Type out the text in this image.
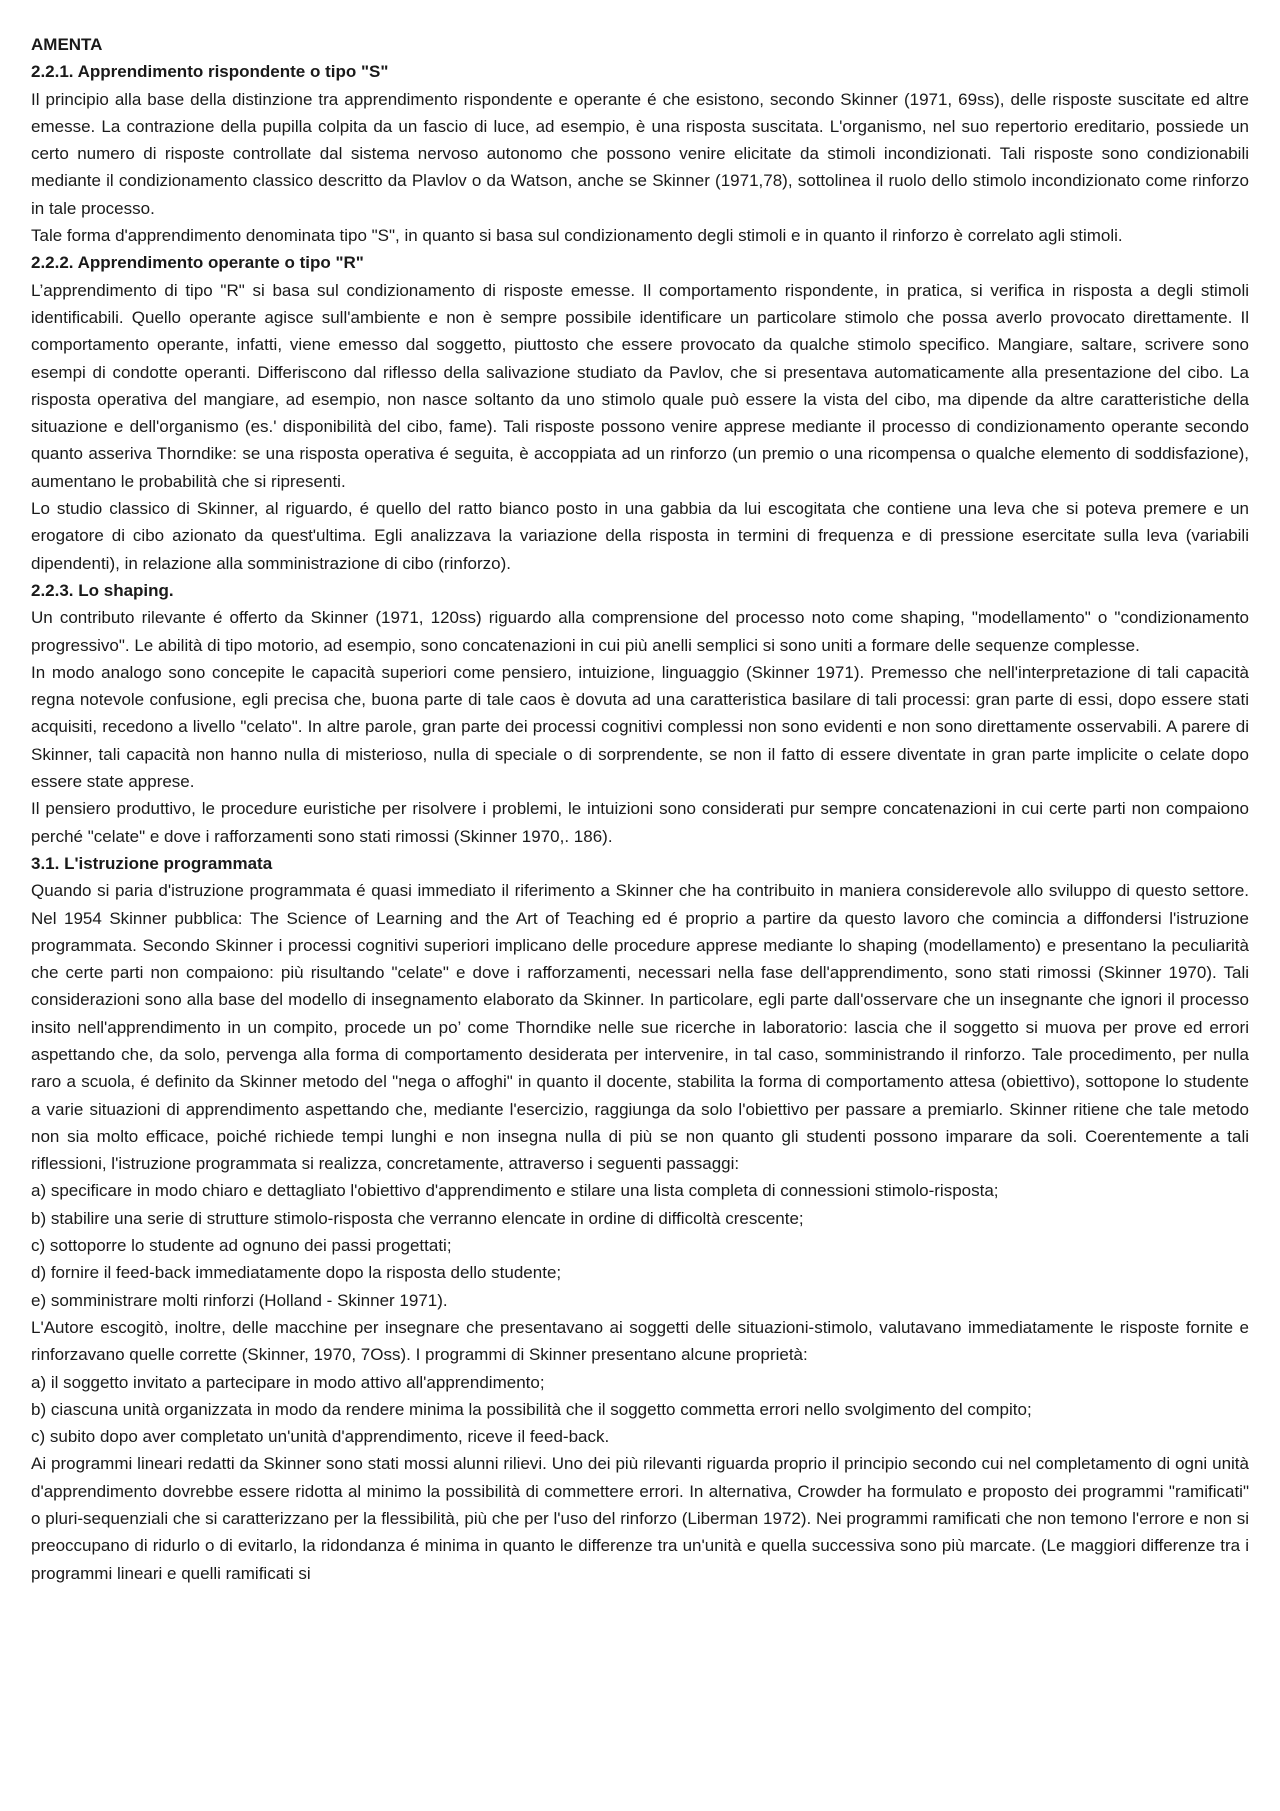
AMENTA

2.2.1. Apprendimento rispondente o tipo "S"

Il principio alla base della distinzione tra apprendimento rispondente e operante é che esistono, secondo Skinner (1971, 69ss), delle risposte suscitate ed altre emesse. La contrazione della pupilla colpita da un fascio di luce, ad esempio, è una risposta suscitata. L'organismo, nel suo repertorio ereditario, possiede un certo numero di risposte controllate dal sistema nervoso autonomo che possono venire elicitate da stimoli incondizionati. Tali risposte sono condizionabili mediante il condizionamento classico descritto da Plavlov o da Watson, anche se Skinner (1971,78), sottolinea il ruolo dello stimolo incondizionato come rinforzo in tale processo.

Tale forma d'apprendimento denominata tipo "S", in quanto si basa sul condizionamento degli stimoli e in quanto il rinforzo è correlato agli stimoli.

2.2.2. Apprendimento operante o tipo "R"

L’apprendimento di tipo "R" si basa sul condizionamento di risposte emesse. Il comportamento rispondente, in pratica, si verifica in risposta a degli stimoli identificabili. Quello operante agisce sull'ambiente e non è sempre possibile identificare un particolare stimolo che possa averlo provocato direttamente. Il comportamento operante, infatti, viene emesso dal soggetto, piuttosto che essere provocato da qualche stimolo specifico. Mangiare, saltare, scrivere sono esempi di condotte operanti. Differiscono dal riflesso della salivazione studiato da Pavlov, che si presentava automaticamente alla presentazione del cibo. La risposta operativa del mangiare, ad esempio, non nasce soltanto da uno stimolo quale può essere la vista del cibo, ma dipende da altre caratteristiche della situazione e dell'organismo (es.' disponibilità del cibo, fame). Tali risposte possono venire apprese mediante il processo di condizionamento operante secondo quanto asseriva Thorndike: se una risposta operativa é seguita, è accoppiata ad un rinforzo (un premio o una ricompensa o qualche elemento di soddisfazione), aumentano le probabilità che si ripresenti.

Lo studio classico di Skinner, al riguardo, é quello del ratto bianco posto in una gabbia da lui escogitata che contiene una leva che si poteva premere e un erogatore di cibo azionato da quest'ultima. Egli analizzava la variazione della risposta in termini di frequenza e di pressione esercitate sulla leva (variabili dipendenti), in relazione alla somministrazione di cibo (rinforzo).

2.2.3. Lo shaping.

Un contributo rilevante é offerto da Skinner (1971, 120ss) riguardo alla comprensione del processo noto come shaping, "modellamento" o "condizionamento progressivo". Le abilità di tipo motorio, ad esempio, sono concatenazioni in cui più anelli semplici si sono uniti a formare delle sequenze complesse.

In modo analogo sono concepite le capacità superiori come pensiero, intuizione, linguaggio (Skinner 1971). Premesso che nell'interpretazione di tali capacità regna notevole confusione, egli precisa che, buona parte di tale caos è dovuta ad una caratteristica basilare di tali processi: gran parte di essi, dopo essere stati acquisiti, recedono a livello "celato". In altre parole, gran parte dei processi cognitivi complessi non sono evidenti e non sono direttamente osservabili. A parere di Skinner, tali capacità non hanno nulla di misterioso, nulla di speciale o di sorprendente, se non il fatto di essere diventate in gran parte implicite o celate dopo essere state apprese.

Il pensiero produttivo, le procedure euristiche per risolvere i problemi, le intuizioni sono considerati pur sempre concatenazioni in cui certe parti non compaiono perché "celate" e dove i rafforzamenti sono stati rimossi (Skinner 1970,. 186).

3.1. L'istruzione programmata

Quando si paria d'istruzione programmata é quasi immediato il riferimento a Skinner che ha contribuito in maniera considerevole allo sviluppo di questo settore. Nel 1954 Skinner pubblica: The Science of Learning and the Art of Teaching ed é proprio a partire da questo lavoro che comincia a diffondersi l'istruzione programmata. Secondo Skinner i processi cognitivi superiori implicano delle procedure apprese mediante lo shaping (modellamento) e presentano la peculiarità che certe parti non compaiono: più risultando "celate" e dove i rafforzamenti, necessari nella fase dell'apprendimento, sono stati rimossi (Skinner 1970). Tali considerazioni sono alla base del modello di insegnamento elaborato da Skinner. In particolare, egli parte dall'osservare che un insegnante che ignori il processo insito nell'apprendimento in un compito, procede un po’ come Thorndike nelle sue ricerche in laboratorio: lascia che il soggetto si muova per prove ed errori aspettando che, da solo, pervenga alla forma di comportamento desiderata per intervenire, in tal caso, somministrando il rinforzo. Tale procedimento, per nulla raro a scuola, é definito da Skinner metodo del "nega o affoghi" in quanto il docente, stabilita la forma di comportamento attesa (obiettivo), sottopone lo studente a varie situazioni di apprendimento aspettando che, mediante l'esercizio, raggiunga da solo l'obiettivo per passare a premiarlo. Skinner ritiene che tale metodo non sia molto efficace, poiché richiede tempi lunghi e non insegna nulla di più se non quanto gli studenti possono imparare da soli. Coerentemente a tali riflessioni, l'istruzione programmata si realizza, concretamente, attraverso i seguenti passaggi:

a) specificare in modo chiaro e dettagliato l'obiettivo d'apprendimento e stilare una lista completa di connessioni stimolo-risposta;

b) stabilire una serie di strutture stimolo-risposta che verranno elencate in ordine di difficoltà crescente;

c) sottoporre lo studente ad ognuno dei passi progettati;

d) fornire il feed-back immediatamente dopo la risposta dello studente;

e) somministrare molti rinforzi (Holland - Skinner 1971).

L'Autore escogitò, inoltre, delle macchine per insegnare che presentavano ai soggetti delle situazioni-stimolo, valutavano immediatamente le risposte fornite e rinforzavano quelle corrette (Skinner, 1970, 7Oss). I programmi di Skinner presentano alcune proprietà:

a) il soggetto invitato a partecipare in modo attivo all'apprendimento;

b) ciascuna unità organizzata in modo da rendere minima la possibilità che il soggetto commetta errori nello svolgimento del compito;

c) subito dopo aver completato un'unità d'apprendimento, riceve il feed-back.

Ai programmi lineari redatti da Skinner sono stati mossi alunni rilievi. Uno dei più rilevanti riguarda proprio il principio secondo cui nel completamento di ogni unità d'apprendimento dovrebbe essere ridotta al minimo la possibilità di commettere errori. In alternativa, Crowder ha formulato e proposto dei programmi "ramificati" o pluri-sequenziali che si caratterizzano per la flessibilità, più che per l'uso del rinforzo (Liberman 1972). Nei programmi ramificati che non temono l'errore e non si preoccupano di ridurlo o di evitarlo, la ridondanza é minima in quanto le differenze tra un'unità e quella successiva sono più marcate. (Le maggiori differenze tra i programmi lineari e quelli ramificati si
